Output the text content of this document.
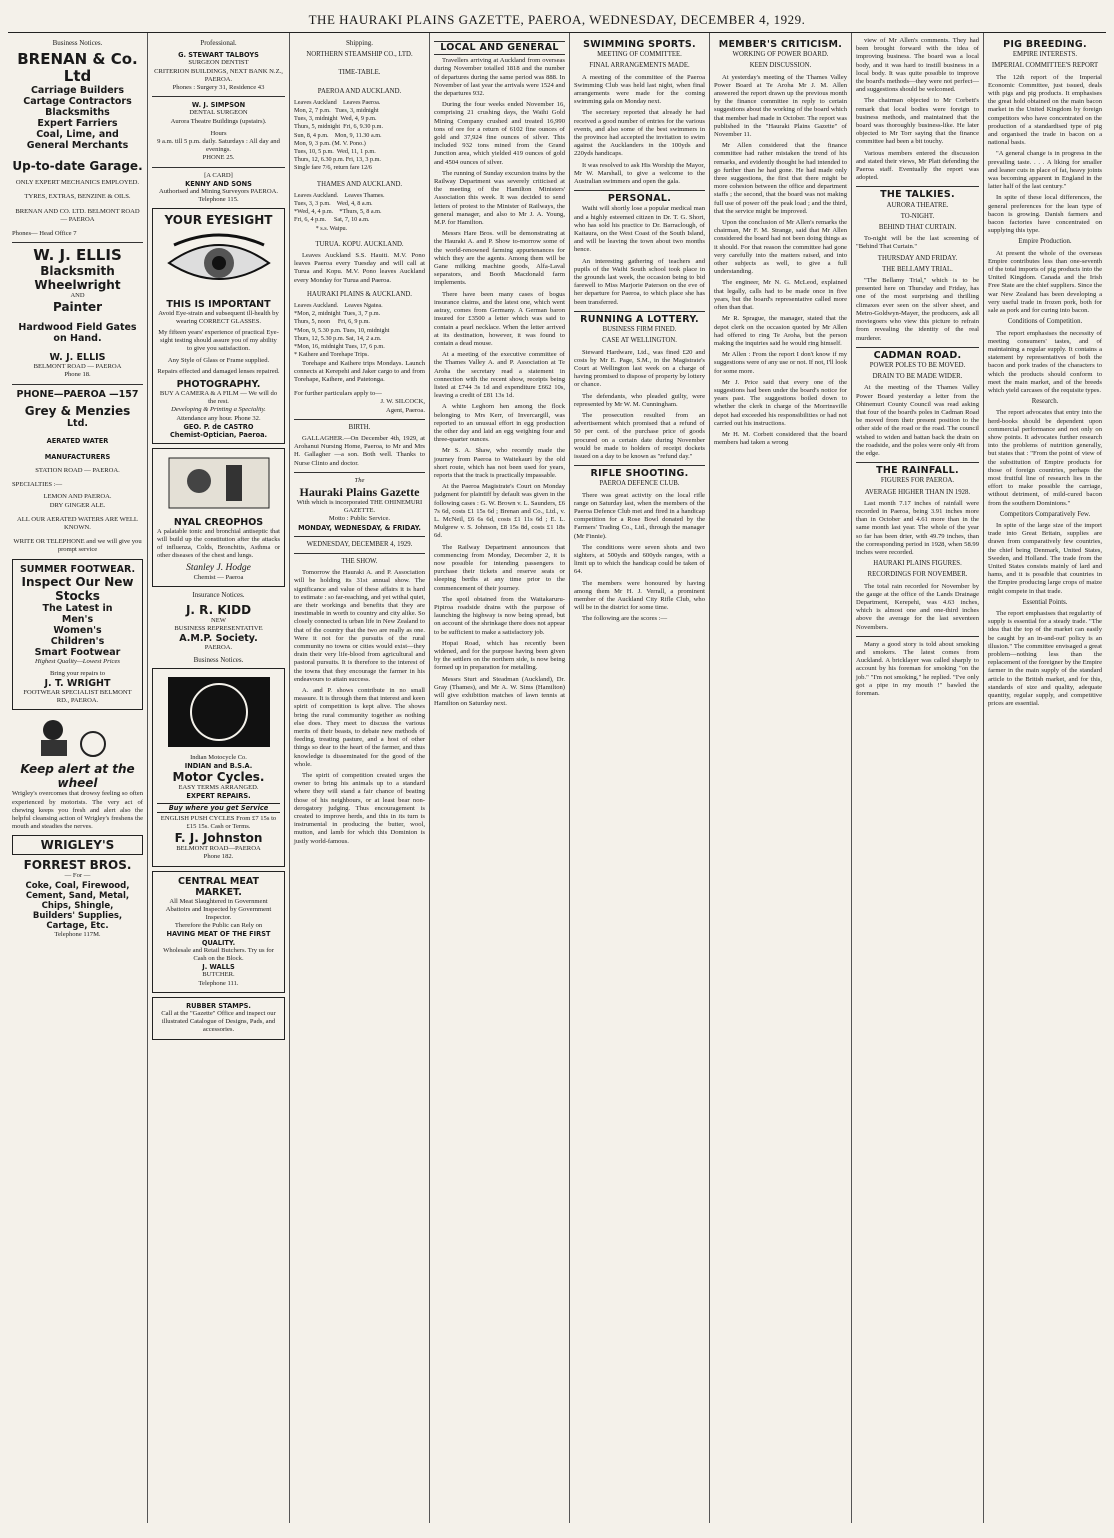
THE HAURAKI PLAINS GAZETTE, PAEROA, WEDNESDAY, DECEMBER 4, 1929.
Business Notices.
BRENAN & Co. Ltd
Carriage Builders
Cartage Contractors
Blacksmiths
Expert Farriers
Coal, Lime, and
General Merchants
Up-to-date Garage.
ONLY EXPERT MECHANICS EMPLOYED.
TYRES, EXTRAS, BENZINE & OILS.
BRENAN AND CO. LTD. BELMONT ROAD — PAEROA
Phones— Head Office 7
W. J. ELLIS
Blacksmith
Wheelwright
AND
Painter
Hardwood Field Gates on Hand.
W. J. ELLIS
BELMONT ROAD — PAEROA
Phone 18.
PHONE—PAEROA —157
Grey & Menzies
Ltd.
AERATED WATER
MANUFACTURERS
STATION ROAD — PAEROA.
SPECIALTIES :—
LEMON AND PAEROA.
DRY GINGER ALE.
ALL OUR AERATED WATERS ARE WELL KNOWN.
WRITE OR TELEPHONE and we will give you prompt service
SUMMER FOOTWEAR.
Inspect Our New Stocks
The Latest in
Men's
Women's
Children's
Smart Footwear
Highest Quality—Lowest Prices
Bring your repairs to
J. T. WRIGHT
FOOTWEAR SPECIALIST BELMONT RD., PAEROA.
Keep alert at the wheel
Wrigley's overcomes that drowsy feeling so often experienced by motorists. The very act of chewing keeps you fresh and alert also the helpful cleansing action of Wrigley's freshens the mouth and steadies the nerves.
WRIGLEY'S
FORREST BROS.
— For —
Coke, Coal, Firewood,
Cement, Sand, Metal,
Chips, Shingle,
Builders' Supplies,
Cartage, Etc.
Telephone 117M.
Professional.
G. STEWART TALBOYS
SURGEON DENTIST
CRITERION BUILDINGS, NEXT BANK N.Z., PAEROA.
Phones : Surgery 31, Residence 43
W. J. SIMPSON
DENTAL SURGEON
Aurora Theatre Buildings (upstairs).
Hours
9 a.m. till 5 p.m. daily. Saturdays : All day and evenings.
PHONE 25.
[A CARD]
KENNY AND SONS
Authorised and Mining Surveyors PAEROA.
Telephone 115.
YOUR EYESIGHT
THIS IS IMPORTANT
Avoid Eye-strain and subsequent ill-health by wearing CORRECT GLASSES.
My fifteen years' experience of practical Eye-sight testing should assure you of my ability to give you satisfaction.
Any Style of Glass or Frame supplied.
Repairs effected and damaged lenses repaired.
PHOTOGRAPHY.
BUY A CAMERA & A FILM — We will do the rest.
Developing & Printing a Speciality.
Attendance any hour. Phone 32.
GEO. P. de CASTRO
Chemist-Optician, Paeroa.
NYAL CREOPHOS
A palatable tonic and bronchial antiseptic that will build up the constitution after the attacks of influenza, Colds, Bronchitis, Asthma or other diseases of the chest and lungs.
Stanley J. Hodge
Chemist — Paeroa
Insurance Notices.
J. R. KIDD
NEW
BUSINESS REPRESENTATIVE
A.M.P. Society.
PAEROA.
Business Notices.
Indian Motocycle Co.
INDIAN and B.S.A.
Motor Cycles.
EASY TERMS ARRANGED.
EXPERT REPAIRS.
Buy where you get Service
ENGLISH PUSH CYCLES From £7 15s to £15 15s. Cash or Terms.
F. J. Johnston
BELMONT ROAD—PAEROA
Phone 182.
CENTRAL MEAT MARKET.
All Meat Slaughtered in Government Abattoirs and Inspected by Government Inspector.
Therefore the Public can Rely on
HAVING MEAT OF THE FIRST QUALITY.
Wholesale and Retail Butchers. Try us for Cash on the Block.
J. WALLS
BUTCHER.
Telephone 111.
RUBBER STAMPS.
Call at the "Gazette" Office and inspect our illustrated Catalogue of Designs, Pads, and accessories.
Shipping.
NORTHERN STEAMSHIP CO., LTD.
TIME-TABLE.
PAEROA AND AUCKLAND.
Leaves Auckland    Leaves Paeroa.
Mon, 2, 7 p.m.   Tues, 3, midnight
Tues, 3, midnight  Wed, 4, 9 p.m.
Thurs, 5, midnight  Fri, 6, 9.30 p.m.
Sun, 8, 4 p.m.    Mon, 9, 11.30 a.m.
Mon, 9, 3 p.m. (M. V. Pono.)
Tues, 10, 5 p.m.  Wed, 11, 1 p.m.
Thurs, 12, 6.30 p.m. Fri, 13, 3 p.m.
Single fare 7/6, return fare 12/6
THAMES AND AUCKLAND.
Leaves Auckland.    Leaves Thames.
Tues, 3, 3 p.m.    Wed, 4, 8 a.m.
*Wed, 4, 4 p.m.    *Thurs, 5, 8 a.m.
Fri, 6, 4 p.m.     Sat, 7, 10 a.m.
* s.s. Waipu.
TURUA. KOPU. AUCKLAND.

Leaves Auckland S.S. Hauiti. M.V. Pono leaves Paeroa every Tuesday and will call at Turua and Kopu. M.V. Pono leaves Auckland every Monday for Turua and Paeroa.

HAURAKI PLAINS & AUCKLAND.
Leaves Auckland.    Leaves Ngatea.
*Mon, 2, midnight  Tues, 3, 7 p.m.
Thurs, 5, noon     Fri, 6, 9 p.m.
*Mon, 9, 5.30 p.m. Tues, 10, midnight
Thurs, 12, 5.30 p.m. Sat, 14, 2 a.m.
*Mon, 16, midnight Tues, 17, 6 p.m.
* Kaihere and Torehape Trips.

Torehape and Kaihere trips Mondays. Launch connects at Kerepehi and Jaker cargo to and from Torehape, Kaihere, and Patetonga.

For further particulars apply to—
J. W. SILCOCK,
Agent, Paeroa.
BIRTH.

GALLAGHER.—On December 4th, 1929, at Arohanui Nursing Home, Paeroa, to Mr and Mrs H. Gallagher —a son. Both well. Thanks to Nurse Clinto and doctor.

The
Hauraki Plains Gazette
With which is incorporated THE OHINEMURI GAZETTE.
Motto : Public Service.
MONDAY, WEDNESDAY, & FRIDAY.
WEDNESDAY, DECEMBER 4, 1929.
THE SHOW.

Tomorrow the Hauraki A. and P. Association will be holding its 31st annual show. The significance and value of these affairs it is hard to estimate : so far-reaching, and yet withal quiet, are their workings and benefits that they are inestimable in worth to country and city alike. So closely connected is urban life in New Zealand to that of the country that the two are really as one. Were it not for the pursuits of the rural community no towns or cities would exist—they drain their very life-blood from agricultural and pastoral pursuits. It is therefore to the interest of the towns that they encourage the farmer in his endeavours to attain success.

A. and P. shows contribute in no small measure. It is through them that interest and keen spirit of competition is kept alive. The shows bring the rural community together as nothing else does. They meet to discuss the various merits of their beasts, to debate new methods of feeding, treating pasture, and a host of other things so dear to the heart of the farmer, and thus knowledge is disseminated for the good of the whole.

The spirit of competition created urges the owner to bring his animals up to a standard where they will stand a fair chance of beating those of his neighbours, or at least bear non-derogatory judging. Thus encouragement is created to improve herds, and this in its turn is instrumental in producing the butter, wool, mutton, and lamb for which this Dominion is justly world-famous.

LOCAL AND GENERAL

Travellers arriving at Auckland from overseas during November totalled 1818 and the number of departures during the same period was 888. In November of last year the arrivals were 1524 and the departures 932.

During the four weeks ended November 16, comprising 21 crushing days, the Waihi Gold Mining Company crushed and treated 16,990 tons of ore for a return of 6102 fine ounces of gold and 37,924 fine ounces of silver. This included 932 tons mined from the Grand Junction area, which yielded 419 ounces of gold and 4504 ounces of silver.

The running of Sunday excursion trains by the Railway Department was severely criticised at the meeting of the Hamilton Ministers' Association this week. It was decided to send letters of protest to the Minister of Railways, the general manager, and also to Mr J. A. Young, M.P. for Hamilton.

Messrs Hare Bros. will be demonstrating at the Hauraki A. and P. Show to-morrow some of the world-renowned farming appurtenances for which they are the agents. Among them will be Gane milking machine goods, Alfa-Laval separators, and Booth Macdonald farm implements.

There have been many cases of bogus insurance claims, and the latest one, which went astray, comes from Germany. A German baron insured for £3500 a letter which was said to contain a pearl necklace. When the letter arrived at its destination, however, it was found to contain a dead mouse.

At a meeting of the executive committee of the Thames Valley A. and P. Association at Te Aroha the secretary read a statement in connection with the recent show, receipts being listed at £744 3s 1d and expenditure £662 10s, leaving a credit of £81 13s 1d.

A white Leghorn hen among the flock belonging to Mrs Kerr, of Invercargill, was reported to an unusual effort in egg production the other day and laid an egg weighing four and three-quarter ounces.

Mr S. A. Shaw, who recently made the journey from Paeroa to Waitekauri by the old short route, which has not been used for years, reports that the track is practically impassable.

At the Paeroa Magistrate's Court on Monday judgment for plaintiff by default was given in the following cases : G. W. Brown v. L. Saunders, £6 7s 6d, costs £1 15s 6d ; Brenan and Co., Ltd., v. L. McNeil, £6 6s 6d, costs £1 11s 6d ; E. L. Mulgrew v. S. Johnson, £8 15s 8d, costs £1 18s 6d.

The Railway Department announces that commencing from Monday, December 2, it is now possible for intending passengers to purchase their tickets and reserve seats or sleeping berths at any time prior to the commencement of their journey.

The spoil obtained from the Waitakaruru-Pipiroa roadside drains with the purpose of launching the highway is now being spread, but on account of the shrinkage there does not appear to be sufficient to make a satisfactory job.

Hopai Road, which has recently been widened, and for the purpose having been given by the settlers on the northern side, is now being formed up in preparation for metalling.

Messrs Sturt and Steadman (Auckland), Dr. Gray (Thames), and Mr A. W. Sims (Hamilton) will give exhibition matches of lawn tennis at Hamilton on Saturday next.

SWIMMING SPORTS.
MEETING OF COMMITTEE.
FINAL ARRANGEMENTS MADE.

A meeting of the committee of the Paeroa Swimming Club was held last night, when final arrangements were made for the coming swimming gala on Monday next.

The secretary reported that already he had received a good number of entries for the various events, and also some of the best swimmers in the province had accepted the invitation to swim against the Aucklanders in the 100yds and 220yds handicaps.

It was resolved to ask His Worship the Mayor, Mr W. Marshall, to give a welcome to the Australian swimmers and open the gala.

PERSONAL.

Waihi will shortly lose a popular medical man and a highly esteemed citizen in Dr. T. G. Short, who has sold his practice to Dr. Barraclough, of Kaitaura, on the West Coast of the South Island, and will be leaving the town about two months hence.

An interesting gathering of teachers and pupils of the Waihi South school took place in the grounds last week, the occasion being to bid farewell to Miss Marjorie Paterson on the eve of her departure for Paeroa, to which place she has been transferred.

RUNNING A LOTTERY.
BUSINESS FIRM FINED.
CASE AT WELLINGTON.

Steward Hardware, Ltd., was fined £20 and costs by Mr E. Page, S.M., in the Magistrate's Court at Wellington last week on a charge of having promised to dispose of property by lottery or chance.

The defendants, who pleaded guilty, were represented by Mr W. M. Cunningham.

The prosecution resulted from an advertisement which promised that a refund of 50 per cent. of the purchase price of goods procured on a certain date during November would be made to holders of receipt dockets issued on a day to be known as "refund day."

RIFLE SHOOTING.
PAEROA DEFENCE CLUB.

There was great activity on the local rifle range on Saturday last, when the members of the Paeroa Defence Club met and fired in a handicap competition for a Rose Bowl donated by the Farmers' Trading Co., Ltd., through the manager (Mr Finnie).

The conditions were seven shots and two sighters, at 500yds and 600yds ranges, with a limit up to which the handicap could be taken of 64.

The members were honoured by having among them Mr H. J. Verrall, a prominent member of the Auckland City Rifle Club, who will be in the district for some time.

The following are the scores :—

MEMBER'S CRITICISM.
WORKING OF POWER BOARD.
KEEN DISCUSSION.

At yesterday's meeting of the Thames Valley Power Board at Te Aroha Mr J. M. Allen answered the report drawn up the previous month by the finance committee in reply to certain suggestions about the working of the board which that member had made in October. The report was published in the "Hauraki Plains Gazette" of November 11.

Mr Allen considered that the finance committee had rather mistaken the trend of his remarks, and evidently thought he had intended to go further than he had gone. He had made only three suggestions, the first that there might be more cohesion between the office and department staffs ; the second, that the board was not making full use of power off the peak load ; and the third, that the service might be improved.

Upon the conclusion of Mr Allen's remarks the chairman, Mr F. M. Strange, said that Mr Allen considered the board had not been doing things as it should. For that reason the committee had gone very carefully into the matters raised, and into other subjects as well, to give a full understanding.

The engineer, Mr N. G. McLeod, explained that legally, calls had to be made once in five years, but the board's representative called more often than that.

Mr R. Sprague, the manager, stated that the depot clerk on the occasion quoted by Mr Allen had offered to ring Te Aroha, but the person making the inquiries said he would ring himself.

Mr Allen : From the report I don't know if my suggestions were of any use or not. If not, I'll look for some more.

Mr J. Price said that every one of the suggestions had been under the board's notice for years past. The suggestions boiled down to whether the clerk in charge of the Morrinsville depot had exceeded his responsibilities or had not carried out his instructions.

Mr H. M. Corbett considered that the board members had taken a wrong

view of Mr Allen's comments. They had been brought forward with the idea of improving business. The board was a local body, and it was hard to instill business in a local body. It was quite possible to improve the board's methods—they were not perfect—and suggestions should be welcomed.

The chairman objected to Mr Corbett's remark that local bodies were foreign to business methods, and maintained that the board was thoroughly business-like. He later objected to Mr Torr saying that the finance committee had been a bit touchy.

Various members entered the discussion and stated their views, Mr Platt defending the Paeroa staff. Eventually the report was adopted.

THE TALKIES.
AURORA THEATRE.
TO-NIGHT.
BEHIND THAT CURTAIN.

To-night will be the last screening of "Behind That Curtain."

THURSDAY AND FRIDAY.
THE BELLAMY TRIAL.

"The Bellamy Trial," which is to be presented here on Thursday and Friday, has one of the most surprising and thrilling climaxes ever seen on the silver sheet, and Metro-Goldwyn-Mayer, the producers, ask all moviegoers who view this picture to refrain from revealing the identity of the real murderer.

CADMAN ROAD.
POWER POLES TO BE MOVED.
DRAIN TO BE MADE WIDER.

At the meeting of the Thames Valley Power Board yesterday a letter from the Ohinemuri County Council was read asking that four of the board's poles in Cadman Road be moved from their present position to the other side of the road or the road. The council wished to widen and battan back the drain on the roadside, and the poles were only 4ft from the edge.

THE RAINFALL.
FIGURES FOR PAEROA.
AVERAGE HIGHER THAN IN 1928.

Last month 7.17 inches of rainfall were recorded in Paeroa, being 3.91 inches more than in October and 4.61 more than in the same month last year. The whole of the year so far has been drier, with 49.79 inches, than the corresponding period in 1928, when 58.99 inches were recorded.

HAURAKI PLAINS FIGURES.
RECORDINGS FOR NOVEMBER.

The total rain recorded for November by the gauge at the office of the Lands Drainage Department, Kerepehi, was 4.63 inches, which is almost one and one-third inches above the average for the last seventeen Novembers.

Many a good story is told about smoking and smokers. The latest comes from Auckland. A bricklayer was called sharply to account by his foreman for smoking "on the job." "I'm not smoking," he replied. "I've only got a pipe in my mouth !" bawled the foreman.

PIG BREEDING.
EMPIRE INTERESTS.
IMPERIAL COMMITTEE'S REPORT

The 12th report of the Imperial Economic Committee, just issued, deals with pigs and pig products. It emphasises the great hold obtained on the main bacon market in the United Kingdom by foreign competitors who have concentrated on the production of a standardised type of pig and organised the trade in bacon on a national basis.

"A general change is in progress in the prevailing taste. . . . A liking for smaller and leaner cuts in place of fat, heavy joints was becoming apparent in England in the latter half of the last century."

In spite of these local differences, the general preferences for the lean type of bacon is growing. Danish farmers and bacon factories have concentrated on supplying this type.

Empire Production.

At present the whole of the overseas Empire contributes less than one-seventh of the total imports of pig products into the United Kingdom. Canada and the Irish Free State are the chief suppliers. Since the war New Zealand has been developing a very useful trade in frozen pork, both for sale as pork and for curing into bacon.

Conditions of Competition.

The report emphasises the necessity of meeting consumers' tastes, and of maintaining a regular supply. It contains a statement by representatives of both the bacon and pork trades of the characters to which the products should conform to meet the main market, and of the breeds which yield carcases of the requisite types.

Research.

The report advocates that entry into the herd-books should be dependent upon commercial performance and not only on show points. It advocates further research into the problems of nutrition generally, but states that : "From the point of view of the substitution of Empire products for those of foreign countries, perhaps the most fruitful line of research lies in the effort to make possible the carriage, without detriment, of mild-cured bacon from the southern Dominions."

Competitors Comparatively Few.

In spite of the large size of the import trade into Great Britain, supplies are drawn from comparatively few countries, the chief being Denmark, United States, Sweden, and Holland. The trade from the United States consists mainly of lard and hams, and it is possible that countries in the Empire producing large crops of maize might compete in that trade.

Essential Points.

The report emphasises that regularity of supply is essential for a steady trade. "The idea that the top of the market can easily be caught by an in-and-out' policy is an illusion." The committee envisaged a great problem—nothing less than the replacement of the foreigner by the Empire farmer in the main supply of the standard article to the British market, and for this, standards of size and quality, adequate quantity, regular supply, and competitive prices are essential.
